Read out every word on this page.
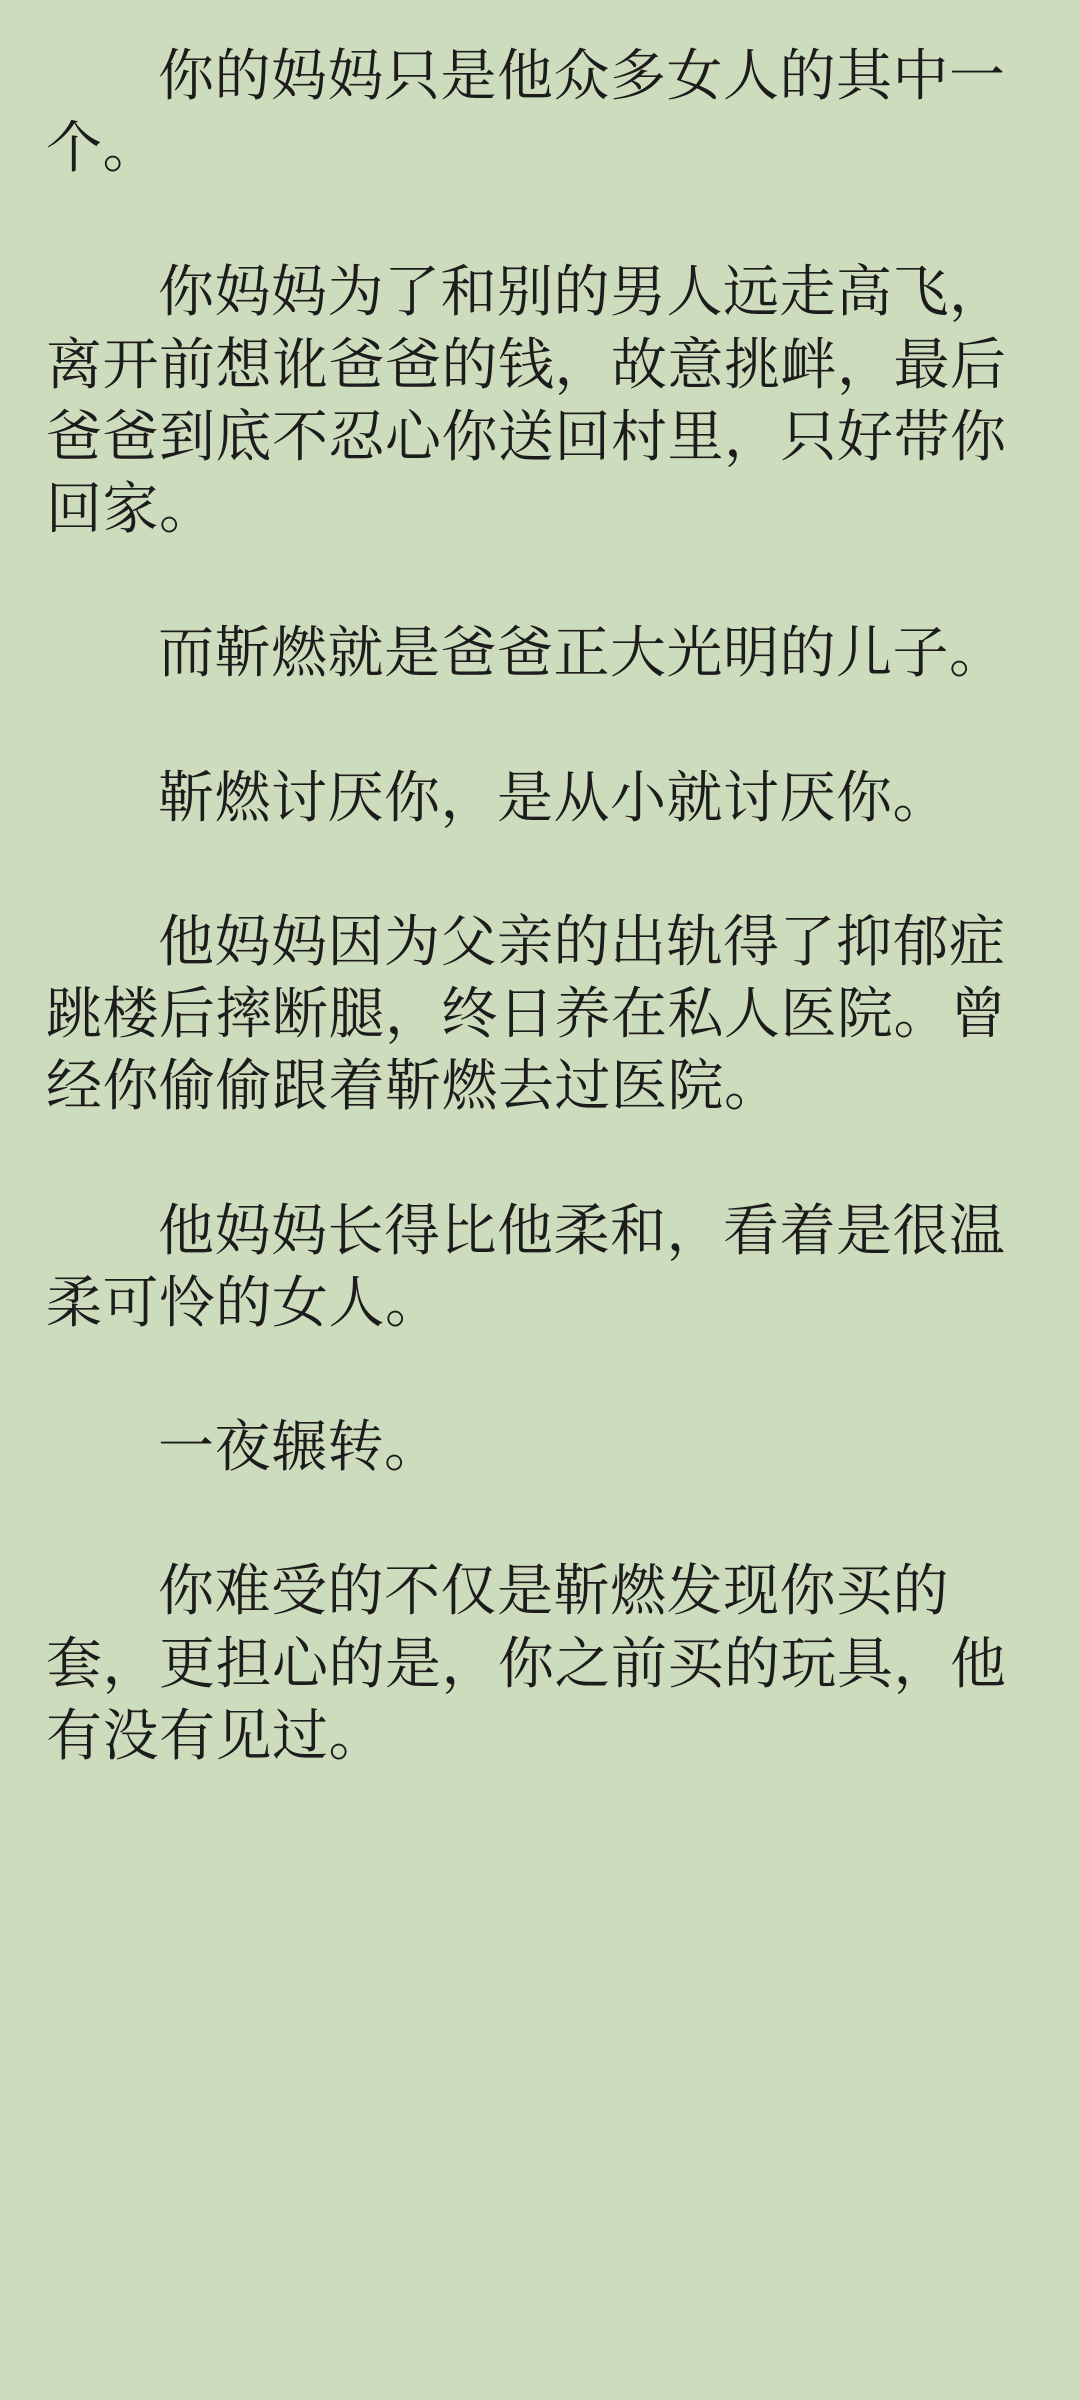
你的妈妈只是他众多女人的其中一个。

你妈妈为了和别的男人远走高飞，离开前想讹爸爸的钱，故意挑衅，最后爸爸到底不忍心你送回村里，只好带你回家。

而靳燃就是爸爸正大光明的儿子。

靳燃讨厌你，是从小就讨厌你。

他妈妈因为父亲的出轨得了抑郁症跳楼后摔断腿，终日养在私人医院。曾经你偷偷跟着靳燃去过医院。

他妈妈长得比他柔和，看着是很温柔可怜的女人。

一夜辗转。

你难受的不仅是靳燃发现你买的套，更担心的是，你之前买的玩具，他有没有见过。
